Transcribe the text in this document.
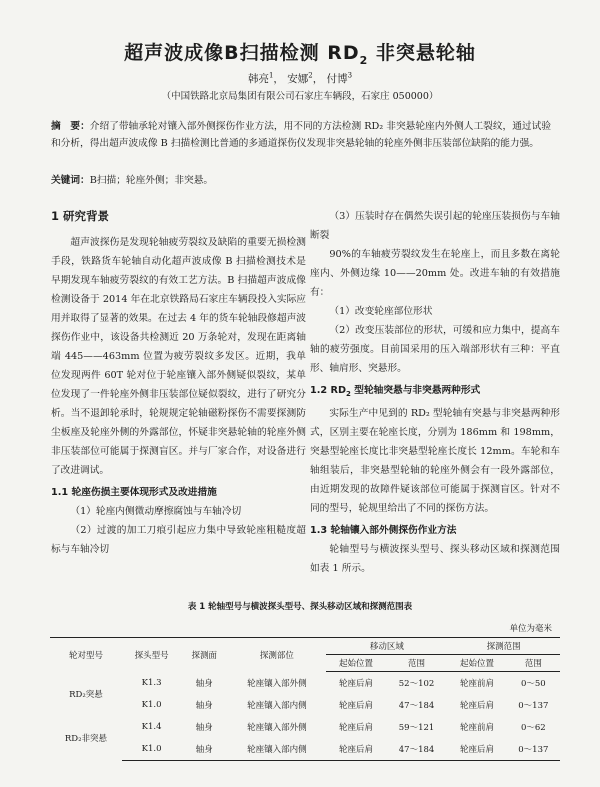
超声波成像B扫描检测 $RD_2$ 非突悬轮轴
韩亮$^1$， 安娜$^2$， 付博$^3$
（中国铁路北京局集团有限公司石家庄车辆段，石家庄 050000）
摘　要：介绍了带轴承轮对镶入部外侧探伤作业方法，用不同的方法检测 RD₂ 非突悬轮座内外侧人工裂纹，通过试验和分析，得出超声波成像 B 扫描检测比普通的多通道探伤仪发现非突悬轮轴的轮座外侧非压装部位缺陷的能力强。
关键词：B扫描；轮座外侧；非突悬。
1 研究背景

超声波探伤是发现轮轴疲劳裂纹及缺陷的重要无损检测手段，铁路货车轮轴自动化超声波成像 B 扫描检测技术是早期发现车轴疲劳裂纹的有效工艺方法。B 扫描超声波成像检测设备于 2014 年在北京铁路局石家庄车辆段投入实际应用并取得了显著的效果。在过去 4 年的货车轮轴段修超声波探伤作业中，该设备共检测近 20 万条轮对，发现在距离轴端 445——463mm 位置为疲劳裂纹多发区。近期，我单位发现两件 60T 轮对位于轮座镶入部外侧疑似裂纹，某单位发现了一件轮座外侧非压装部位疑似裂纹，进行了研究分析。当不退卸轮承时，轮规规定轮轴磁粉探伤不需要探测防尘板座及轮座外侧的外露部位，怀疑非突悬轮轴的轮座外侧非压装部位可能属于探测盲区。并与厂家合作，对设备进行了改进调试。

1.1 轮座伤损主要体现形式及改进措施

（1）轮座内侧微动摩擦腐蚀与车轴冷切

（2）过渡的加工刀痕引起应力集中导致轮座粗糙度超标与车轴冷切

（3）压装时存在偶然失误引起的轮座压装损伤与车轴断裂

90%的车轴疲劳裂纹发生在轮座上，而且多数在离轮座内、外侧边缘 10——20mm 处。改进车轴的有效措施有：

（1）改变轮座部位形状

（2）改变压装部位的形状，可缓和应力集中，提高车轴的疲劳强度。目前国采用的压入端部形状有三种：平直形、轴肩形、突悬形。

1.2 $RD_2$ 型轮轴突悬与非突悬两种形式

实际生产中见到的 RD₂ 型轮轴有突悬与非突悬两种形式，区别主要在轮座长度，分别为 186mm 和 198mm，突悬型轮座长度比非突悬型轮座长度长 12mm。车轮和车轴组装后，非突悬型轮轴的轮座外侧会有一段外露部位，由近期发现的故障件疑该部位可能属于探测盲区。针对不同的型号，轮规里给出了不同的探伤方法。

1.3 轮轴镶入部外侧探伤作业方法

轮轴型号与横波探头型号、探头移动区域和探测范围如表 1 所示。

表 1 轮轴型号与横波探头型号、探头移动区域和探测范围表
单位为毫米
轮对型号	探头型号	探测面	探测部位	移动区域		探测范围	
				起始位置	范围	起始位置	范围
RD₂突悬	K1.3	轴身	轮座镶入部外侧	轮座后肩	52～102	轮座前肩	0～50
	K1.0	轴身	轮座镶入部内侧	轮座后肩	47～184	轮座后肩	0～137
RD₂非突悬	K1.4	轴身	轮座镶入部外侧	轮座后肩	59～121	轮座前肩	0～62
	K1.0	轴身	轮座镶入部内侧	轮座后肩	47～184	轮座后肩	0～137
